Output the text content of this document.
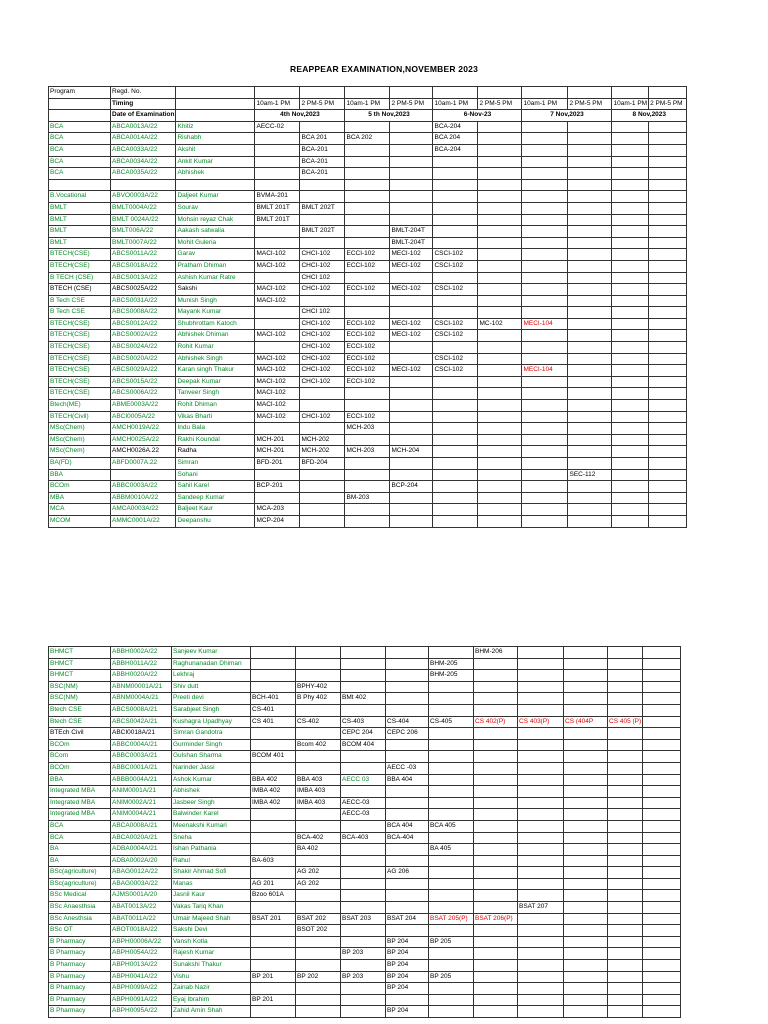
REAPPEAR EXAMINATION,NOVEMBER 2023
Program	Regd. No.											
	Timing		10am-1 PM	2 PM-5 PM	10am-1 PM	2 PM-5 PM	10am-1 PM	2 PM-5 PM	10am-1 PM	2 PM-5 PM	10am-1 PM	2 PM-5 PM
	Date of Examination		4th Nov,2023		5 th Nov,2023		6-Nov-23		7 Nov,2023		8 Nov,2023	
BCA	ABCA0013A/22	Khitiz	AECC-02				BCA-204					
BCA	ABCA0014A/22	Rishabh		BCA 201	BCA 202		BCA 204					
BCA	ABCA0033A/22	Akshit		BCA-201			BCA-204					
BCA	ABCA0034A/22	Ankit Kumar		BCA-201								
BCA	ABCA0035A/22	Abhishek		BCA-201								

B.Vocational	ABVO0003A/22	Daljeet Kumar	BVMA-201									
BMLT	BMLT0004A/22	Sourav	BMLT 201T	BMLT 202T								
BMLT	BMLT 0024A/22	Mohsin reyaz Chak	BMLT 201T									
BMLT	BMLT006A/22	Aakash satwalia		BMLT 202T		BMLT-204T						
BMLT	BMLT0007A/22	Mohit Guleria				BMLT-204T						
BTECH(CSE)	ABCS0011A/22	Garav	MACI-102	CHCI-102	ECCI-102	MECI-102	CSCI-102					
BTECH(CSE)	ABCS0018A/22	Pratham Dhiman	MACI-102	CHCI-102	ECCI-102	MECI-102	CSCI-102					
B TECH (CSE)	ABCS0013A/22	Ashish Kumar Ratre		CHCI 102								
BTECH (CSE)	ABCS0025A/22	Sakshi	MACI-102	CHCI-102	ECCI-102	MECI-102	CSCI-102					
B Tech CSE	ABCS0031A/22	Munish Singh	MACI-102									
B Tech CSE	ABCS0008A/22	Mayank Kumar		CHCI 102								
BTECH(CSE)	ABCS0012A/22	Shubhrottam Katoch		CHCI-102	ECCI-102	MECI-102	CSCI-102	MC-102	MECI-104			
BTECH(CSE)	ABCS0002A/22	Abhishek Dhiman	MACI-102	CHCI-102	ECCI-102	MECI-102	CSCI-102					
BTECH(CSE)	ABCS0024A/22	Rohit Kumar		CHCI-102	ECCI-102							
BTECH(CSE)	ABCS0020A/22	Abhishek Singh	MACI-102	CHCI-102	ECCI-102		CSCI-102					
BTECH(CSE)	ABCS0029A/22	Karan singh Thakur	MACI-102	CHCI-102	ECCI-102	MECI-102	CSCI-102		MECI-104			
BTECH(CSE)	ABCS0015A/22	Deepak Kumar	MACI-102	CHCI-102	ECCI-102							
BTECH(CSE)	ABCS0006A/22	Tanveer Singh	MACI-102									
Btech(ME)	ABME0003A/22	Rohit Dhiman	MACI-102									
BTECH(Civil)	ABCI0005A/22	Vikas Bharti	MACI-102	CHCI-102	ECCI-102							
MSc(Chem)	AMCH0019A/22	Indu Bala			MCH-203							
MSc(Chem)	AMCH0025A/22	Rakhi Koundal	MCH-201	MCH-202								
MSc(Chem)	AMCH0026A.22	Radha	MCH-201	MCH-202	MCH-203	MCH-204						
BA(FD)	ABFD0007A.22	Simran	BFD-201	BFD-204								
BBA		Sohani								SEC-112		
BCOm	ABBC0003A/22	Sahil Karel	BCP-201			BCP-204						
MBA	ABBM0010A/22	Sandeep Kumar			BM-203							
MCA	AMCA0003A/22	Baljeet Kaur	MCA-203									
MCOM	AMMC0001A/22	Deepanshu	MCP-204									
BHMCT	ABBH0002A/22	Sanjeev Kumar						BHM-206				
BHMCT	ABBH0011A/22	Raghunanadan Dhiman					BHM-205					
BHMCT	ABBH0020A/22	Lekhraj					BHM-205					
BSC(NM)	ABNM00001A/21	Shiv dutt		BPHY-402								
BSC(NM)	ABNM0004A/21	Preeti devi	BCH-401	B Phy 402	BMt 402							
Btech CSE	ABCS0008A/21	Sarabjeet Singh	CS-401									
Btech CSE	ABCS0042A/21	Kushagra Upadhyay	CS 401	CS-402	CS-403	CS-404	CS-405	CS 402(P)	CS 403(P)	CS (404P	CS 405 (P)	
BTEch Civil	ABCI0018A/21	Simran Gandotra			CEPC 204	CEPC 206						
BCOm	ABBC0004A/21	Gurminder Singh		Bcom 402	BCOM 404							
BCom	ABBC0003A/21	Gulshan Sharma	BCOM 401									
BCOm	ABBC0001A/21	Narinder Jassi				AECC -03						
BBA	ABBB0004A/21	Ashok Kumar	BBA 402	BBA 403	AECC 03	BBA 404						
Integrated MBA	ANIM0001A/21	Abhishek	IMBA 402	IMBA 403								
Integrated MBA	ANIM0002A/21	Jasbeer Singh	IMBA 402	IMBA 403	AECC-03							
Integrated MBA	ANIM0004A/21	Balwinder Karel			AECC-03							
BCA	ABCA0008A/21	Meenakshi Kumari				BCA 404	BCA 405					
BCA	ABCA0020A/21	Sneha		BCA-402	BCA-403	BCA-404						
BA	ADBA0004A/21	Ishan Pathania		BA 402			BA 405					
BA	ADBA0002A/20	Rahul	BA-603									
BSc(agriculture)	ABAG0012A/22	Shakir Ahmad Sofi		AG 202		AG 206						
BSc(agriculture)	ABAG0003A/22	Manas	AG 201	AG 202								
BSc Medical	AJMS0001A/20	Jasnil Kaur	Bzoo 601A									
BSc Anaesthsia	ABAT0013A/22	Vakas Tariq Khan							BSAT 207			
BSc Anesthsia	ABAT0011A/22	Umair Majeed Shah	BSAT 201	BSAT 202	BSAT 203	BSAT 204	BSAT 205(P)	BSAT 206(P)				
BSc OT	ABOT0018A/22	Sakshi Devi		BSOT 202								
B Pharmacy	ABPH00006A/22	Vansh Kotla				BP 204	BP 205					
B Pharmacy	ABPH0054A/22	Rajesh Kumar			BP 203	BP 204						
B Pharmacy	ABPH0013A/22	Sunakshi Thakur				BP 204						
B Pharmacy	ABPH0041A/22	Vishu	BP 201	BP 202	BP 203	BP 204	BP 205					
B Pharmacy	ABPH0099A/22	Zainab Nazir				BP 204						
B Pharmacy	ABPH0091A/22	Eyaj Ibrahim	BP 201									
B Pharmacy	ABPH0095A/22	Zahid Amin Shah				BP 204						
